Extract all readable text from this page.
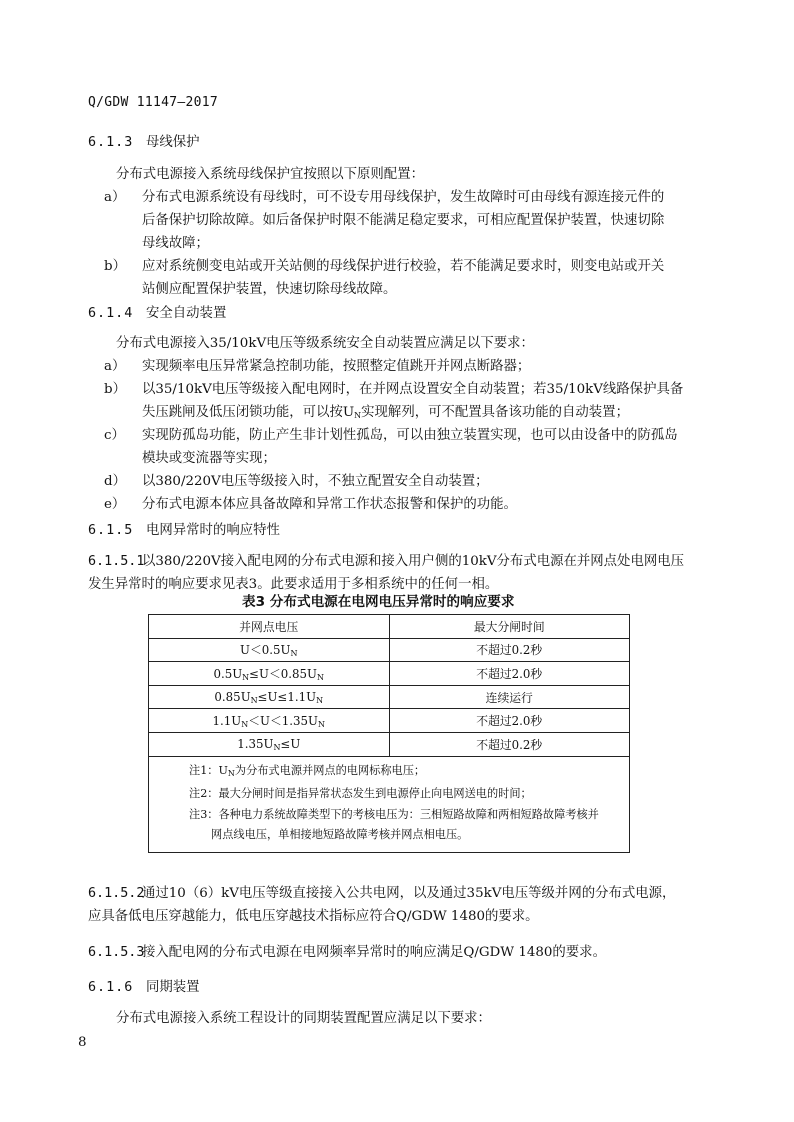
Q/GDW 11147—2017
6.1.3 母线保护
分布式电源接入系统母线保护宜按照以下原则配置：
a） 分布式电源系统设有母线时，可不设专用母线保护，发生故障时可由母线有源连接元件的
后备保护切除故障。如后备保护时限不能满足稳定要求，可相应配置保护装置，快速切除
母线故障；
b） 应对系统侧变电站或开关站侧的母线保护进行校验，若不能满足要求时，则变电站或开关
站侧应配置保护装置，快速切除母线故障。
6.1.4 安全自动装置
分布式电源接入35/10kV电压等级系统安全自动装置应满足以下要求：
a） 实现频率电压异常紧急控制功能，按照整定值跳开并网点断路器；
b） 以35/10kV电压等级接入配电网时，在并网点设置安全自动装置；若35/10kV线路保护具备
失压跳闸及低压闭锁功能，可以按$U_N$实现解列，可不配置具备该功能的自动装置；
c） 实现防孤岛功能，防止产生非计划性孤岛，可以由独立装置实现，也可以由设备中的防孤岛
模块或变流器等实现；
d） 以380/220V电压等级接入时，不独立配置安全自动装置；
e） 分布式电源本体应具备故障和异常工作状态报警和保护的功能。
6.1.5 电网异常时的响应特性
6.1.5.1以380/220V接入配电网的分布式电源和接入用户侧的10kV分布式电源在并网点处电网电压
发生异常时的响应要求见表3。此要求适用于多相系统中的任何一相。
表3 分布式电源在电网电压异常时的响应要求
并网点电压	最大分闸时间
$U<0.5U_N$	不超过0.2秒
$0.5U_N\le U<0.85U_N$	不超过2.0秒
$0.85U_N\le U\le 1.1U_N$	连续运行
$1.1U_N<U<1.35U_N$	不超过2.0秒
$1.35U_N\le U$	不超过0.2秒

注1：$U_N$为分布式电源并网点的电网标称电压；
注2：最大分闸时间是指异常状态发生到电源停止向电网送电的时间；
注3：各种电力系统故障类型下的考核电压为：三相短路故障和两相短路故障考核并
网点线电压，单相接地短路故障考核并网点相电压。	
6.1.5.2通过10（6）kV电压等级直接接入公共电网，以及通过35kV电压等级并网的分布式电源，
应具备低电压穿越能力，低电压穿越技术指标应符合Q/GDW 1480的要求。
6.1.5.3接入配电网的分布式电源在电网频率异常时的响应满足Q/GDW 1480的要求。
6.1.6 同期装置
分布式电源接入系统工程设计的同期装置配置应满足以下要求：
8
